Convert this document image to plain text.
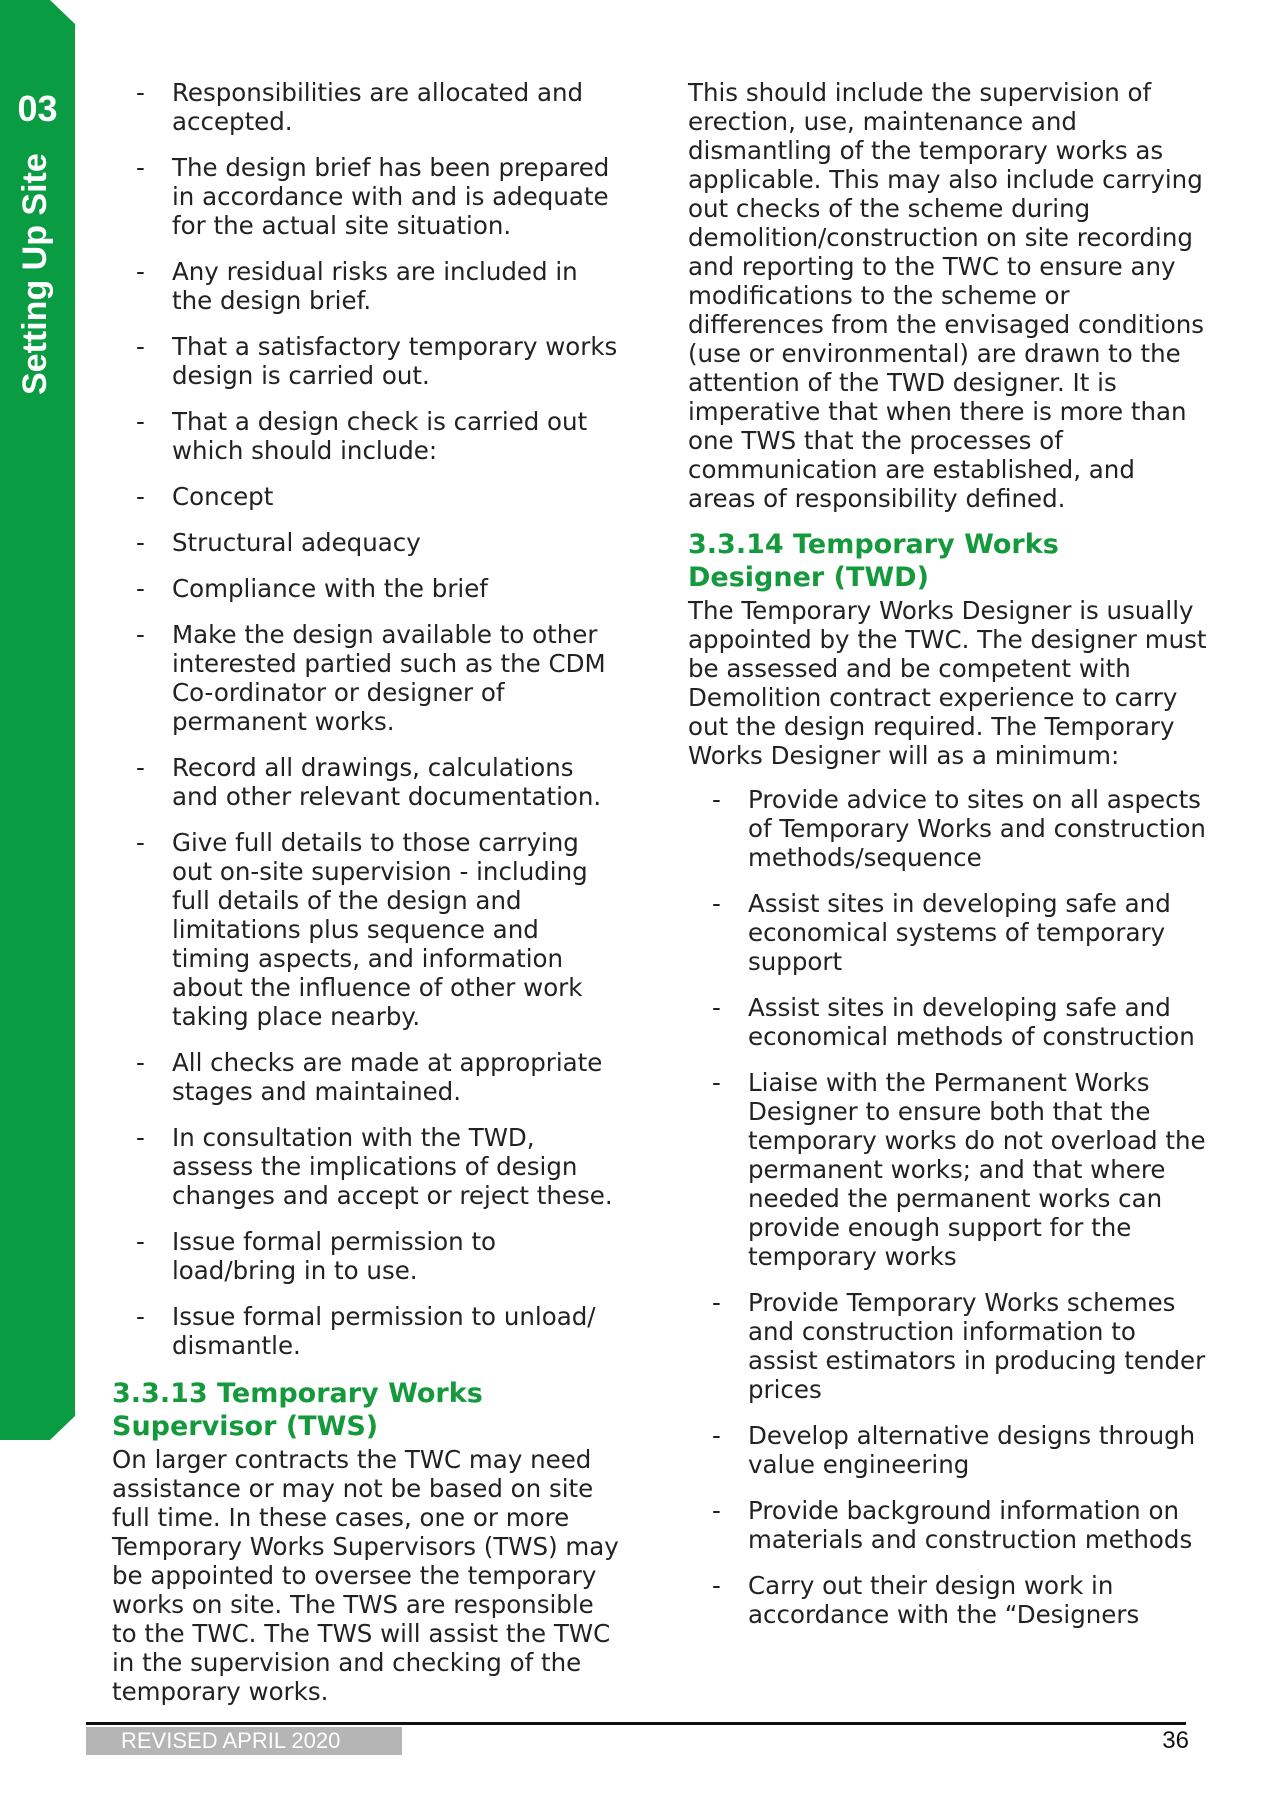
03
Setting Up Site
- Responsibilities are allocated and accepted.
- The design brief has been prepared in accordance with and is adequate for the actual site situation.
- Any residual risks are included in the design brief.
- That a satisfactory temporary works design is carried out.
- That a design check is carried out which should include:
- Concept
- Structural adequacy
- Compliance with the brief
- Make the design available to other interested partied such as the CDM Co-ordinator or designer of permanent works.
- Record all drawings, calculations and other relevant documentation.
- Give full details to those carrying out on-site supervision - including full details of the design and limitations plus sequence and timing aspects, and information about the influence of other work taking place nearby.
- All checks are made at appropriate stages and maintained.
- In consultation with the TWD, assess the implications of design changes and accept or reject these.
- Issue formal permission to load/bring in to use.
- Issue formal permission to unload/ dismantle.
3.3.13 Temporary Works Supervisor (TWS)

On larger contracts the TWC may need assistance or may not be based on site full time. In these cases, one or more Temporary Works Supervisors (TWS) may be appointed to oversee the temporary works on site. The TWS are responsible to the TWC. The TWS will assist the TWC in the supervision and checking of the temporary works.

This should include the supervision of erection, use, maintenance and dismantling of the temporary works as applicable. This may also include carrying out checks of the scheme during demolition/construction on site recording and reporting to the TWC to ensure any modifications to the scheme or differences from the envisaged conditions (use or environmental) are drawn to the attention of the TWD designer. It is imperative that when there is more than one TWS that the processes of communication are established, and areas of responsibility defined.

3.3.14 Temporary Works Designer (TWD)

The Temporary Works Designer is usually appointed by the TWC. The designer must be assessed and be competent with Demolition contract experience to carry out the design required. The Temporary Works Designer will as a minimum:

- Provide advice to sites on all aspects of Temporary Works and construction methods/sequence
- Assist sites in developing safe and economical systems of temporary support
- Assist sites in developing safe and economical methods of construction
- Liaise with the Permanent Works Designer to ensure both that the temporary works do not overload the permanent works; and that where needed the permanent works can provide enough support for the temporary works
- Provide Temporary Works schemes and construction information to assist estimators in producing tender prices
- Develop alternative designs through value engineering
- Provide background information on materials and construction methods
- Carry out their design work in accordance with the “Designers
REVISED APRIL 2020	36
